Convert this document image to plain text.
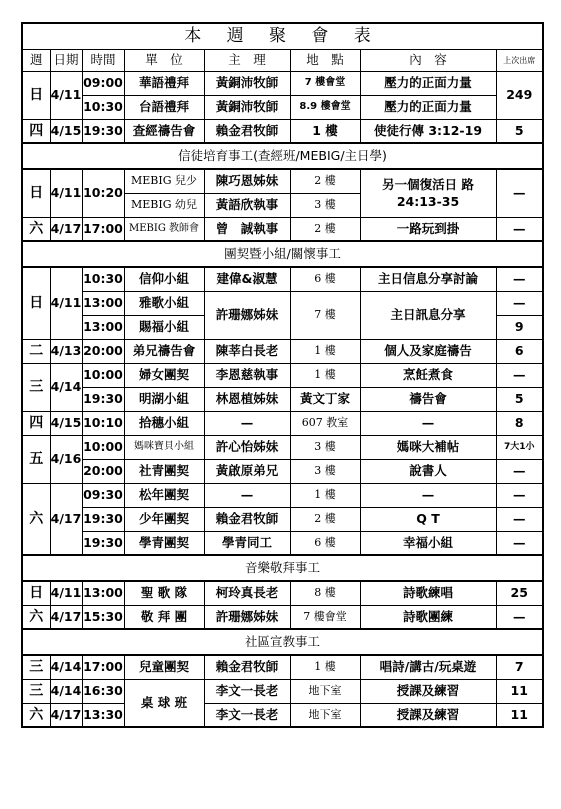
本 週 聚 會 表							
週	日期	時間	單　位	主　理	地　點	內　容	上次出席
日	4/11	09:00	華語禮拜	黃銅沛牧師	7 樓會堂	壓力的正面力量	249
		10:30	台語禮拜	黃銅沛牧師	8.9 樓會堂	壓力的正面力量	
四	4/15	19:30	查經禱告會	賴金君牧師	1 樓	使徒行傳 3:12-19	5
信徒培育事工(查經班/MEBIG/主日學)							
日	4/11	10:20	MEBIG 兒少	陳巧恩姊妹	2 樓	另一個復活日 路 24:13-35	—
			MEBIG 幼兒	黃語欣執事	3 樓		
六	4/17	17:00	MEBIG 教師會	曾　誠執事	2 樓	一路玩到掛	—
團契暨小組/關懷事工							
日	4/11	10:30	信仰小組	建偉&淑慧	6 樓	主日信息分享討論	—
		13:00	雅歌小組	許珊娜姊妹	7 樓	主日訊息分享	—
		13:00	賜福小組				9
二	4/13	20:00	弟兄禱告會	陳莘白長老	1 樓	個人及家庭禱告	6
三	4/14	10:00	婦女團契	李恩慈執事	1 樓	烹飪煮食	—
		19:30	明湖小組	林恩植姊妹	黃文丁家	禱告會	5
四	4/15	10:10	拾穗小組	—	607 教室	—	8
五	4/16	10:00	媽咪寶貝小組	許心怡姊妹	3 樓	媽咪大補帖	7大1小
		20:00	社青團契	黃啟原弟兄	3 樓	說書人	—
六	4/17	09:30	松年團契	—	1 樓	—	—
		19:30	少年團契	賴金君牧師	2 樓	Q T	—
		19:30	學青團契	學青同工	6 樓	幸福小組	—
音樂敬拜事工							
日	4/11	13:00	聖 歌 隊	柯玲真長老	8 樓	詩歌練唱	25
六	4/17	15:30	敬 拜 團	許珊娜姊妹	7 樓會堂	詩歌團練	—
社區宣教事工							
三	4/14	17:00	兒童團契	賴金君牧師	1 樓	唱詩/講古/玩桌遊	7
三	4/14	16:30	桌 球 班	李文一長老	地下室	授課及練習	11
六	4/17	13:30		李文一長老	地下室	授課及練習	11
